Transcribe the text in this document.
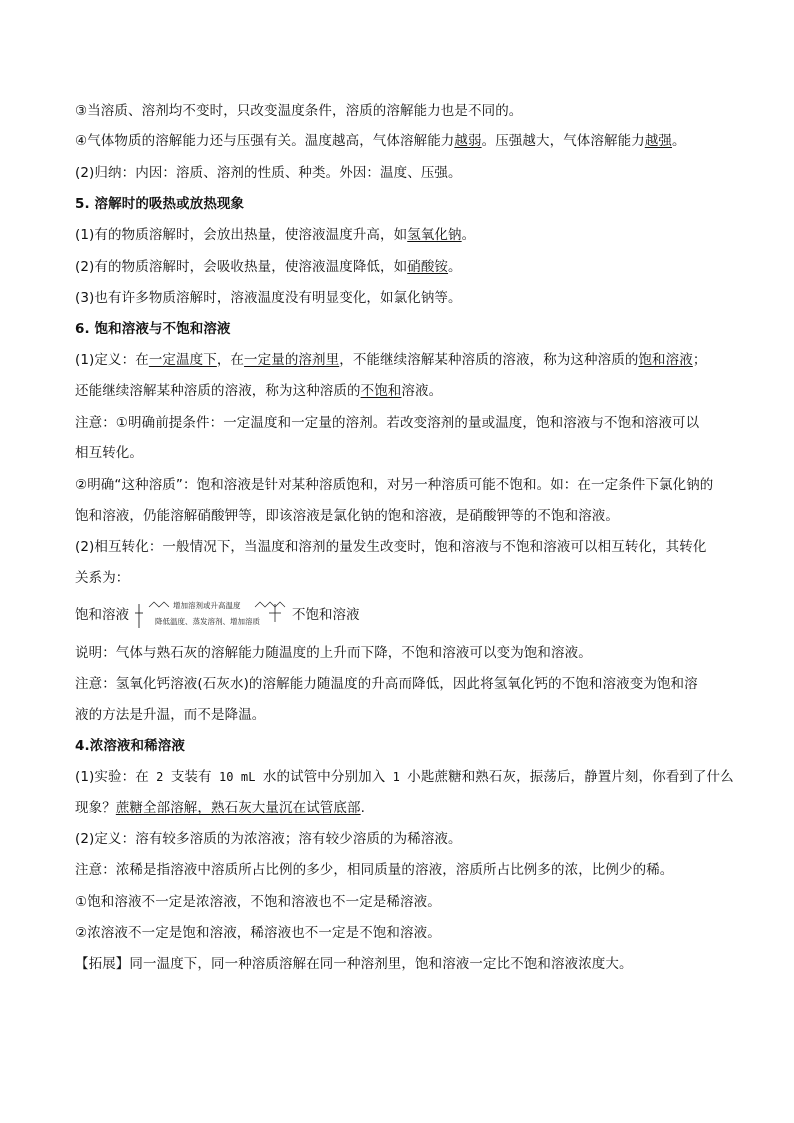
③当溶质、溶剂均不变时，只改变温度条件，溶质的溶解能力也是不同的。
④气体物质的溶解能力还与压强有关。温度越高，气体溶解能力越弱。压强越大，气体溶解能力越强。
(2)归纳：内因：溶质、溶剂的性质、种类。外因：温度、压强。
5. 溶解时的吸热或放热现象
(1)有的物质溶解时，会放出热量，使溶液温度升高，如氢氧化钠。
(2)有的物质溶解时，会吸收热量，使溶液温度降低，如硝酸铵。
(3)也有许多物质溶解时，溶液温度没有明显变化，如氯化钠等。
6. 饱和溶液与不饱和溶液
(1)定义：在一定温度下，在一定量的溶剂里，不能继续溶解某种溶质的溶液，称为这种溶质的饱和溶液；
还能继续溶解某种溶质的溶液，称为这种溶质的不饱和溶液。
注意：①明确前提条件：一定温度和一定量的溶剂。若改变溶剂的量或温度，饱和溶液与不饱和溶液可以
相互转化。
②明确“这种溶质”：饱和溶液是针对某种溶质饱和，对另一种溶质可能不饱和。如：在一定条件下氯化钠的
饱和溶液，仍能溶解硝酸钾等，即该溶液是氯化钠的饱和溶液，是硝酸钾等的不饱和溶液。
(2)相互转化：一般情况下，当温度和溶剂的量发生改变时，饱和溶液与不饱和溶液可以相互转化，其转化
关系为：
饱和溶液
增加溶剂或升高温度
降低温度、蒸发溶剂、增加溶质 不饱和溶液
说明：气体与熟石灰的溶解能力随温度的上升而下降，不饱和溶液可以变为饱和溶液。
注意：氢氧化钙溶液(石灰水)的溶解能力随温度的升高而降低，因此将氢氧化钙的不饱和溶液变为饱和溶
液的方法是升温，而不是降温。
4.浓溶液和稀溶液
(1)实验：在 2 支装有 10 mL 水的试管中分别加入 1 小匙蔗糖和熟石灰，振荡后，静置片刻，你看到了什么
现象？蔗糖全部溶解，熟石灰大量沉在试管底部.
(2)定义：溶有较多溶质的为浓溶液；溶有较少溶质的为稀溶液。
注意：浓稀是指溶液中溶质所占比例的多少，相同质量的溶液，溶质所占比例多的浓，比例少的稀。
①饱和溶液不一定是浓溶液，不饱和溶液也不一定是稀溶液。
②浓溶液不一定是饱和溶液，稀溶液也不一定是不饱和溶液。
【拓展】同一温度下，同一种溶质溶解在同一种溶剂里，饱和溶液一定比不饱和溶液浓度大。
